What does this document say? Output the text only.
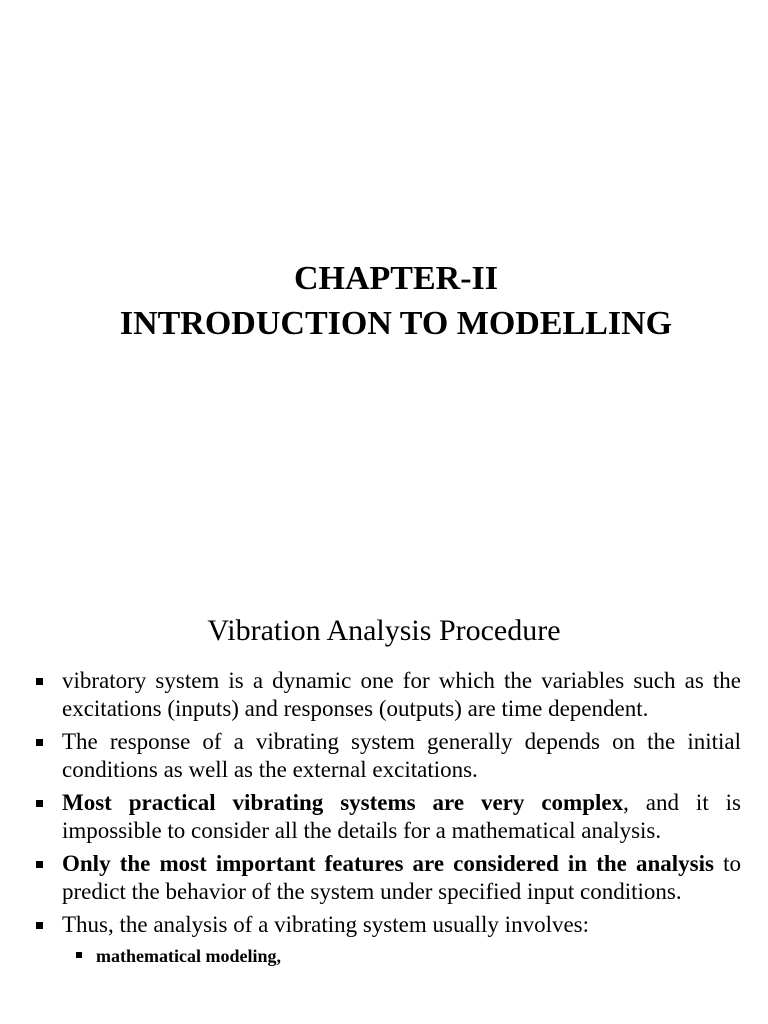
CHAPTER-II
INTRODUCTION TO MODELLING
Vibration Analysis Procedure
vibratory system is a dynamic one for which the variables such as the excitations (inputs) and responses (outputs) are time dependent.
The response of a vibrating system generally depends on the initial conditions as well as the external excitations.
Most practical vibrating systems are very complex, and it is impossible to consider all the details for a mathematical analysis.
Only the most important features are considered in the analysis to predict the behavior of the system under specified input conditions.
Thus, the analysis of a vibrating system usually involves:
mathematical modeling,
